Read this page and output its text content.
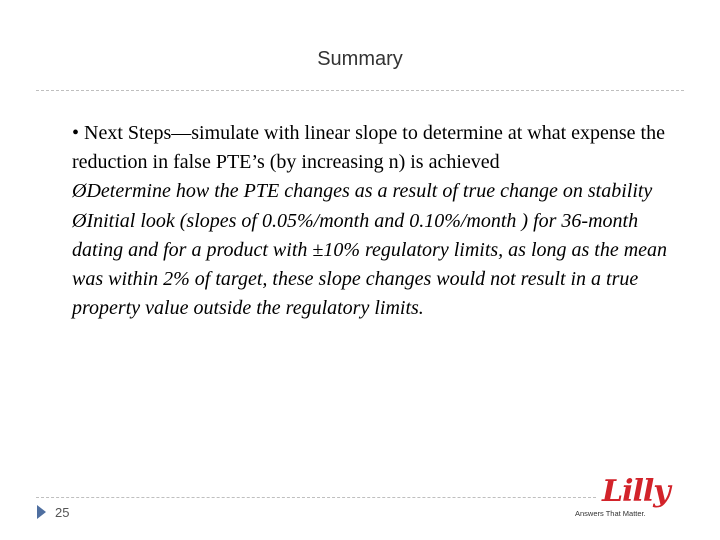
Summary

• Next Steps—simulate with linear slope to determine at what expense the reduction in false PTE’s (by increasing n) is achieved

ØDetermine how the PTE changes as a result of true change on stability

ØInitial look (slopes of 0.05%/month and 0.10%/month ) for 36-month dating and for a product with ±10% regulatory limits, as long as the mean was within 2% of target, these slope changes would not result in a true property value outside the regulatory limits.

25
Lilly
Answers That Matter.
